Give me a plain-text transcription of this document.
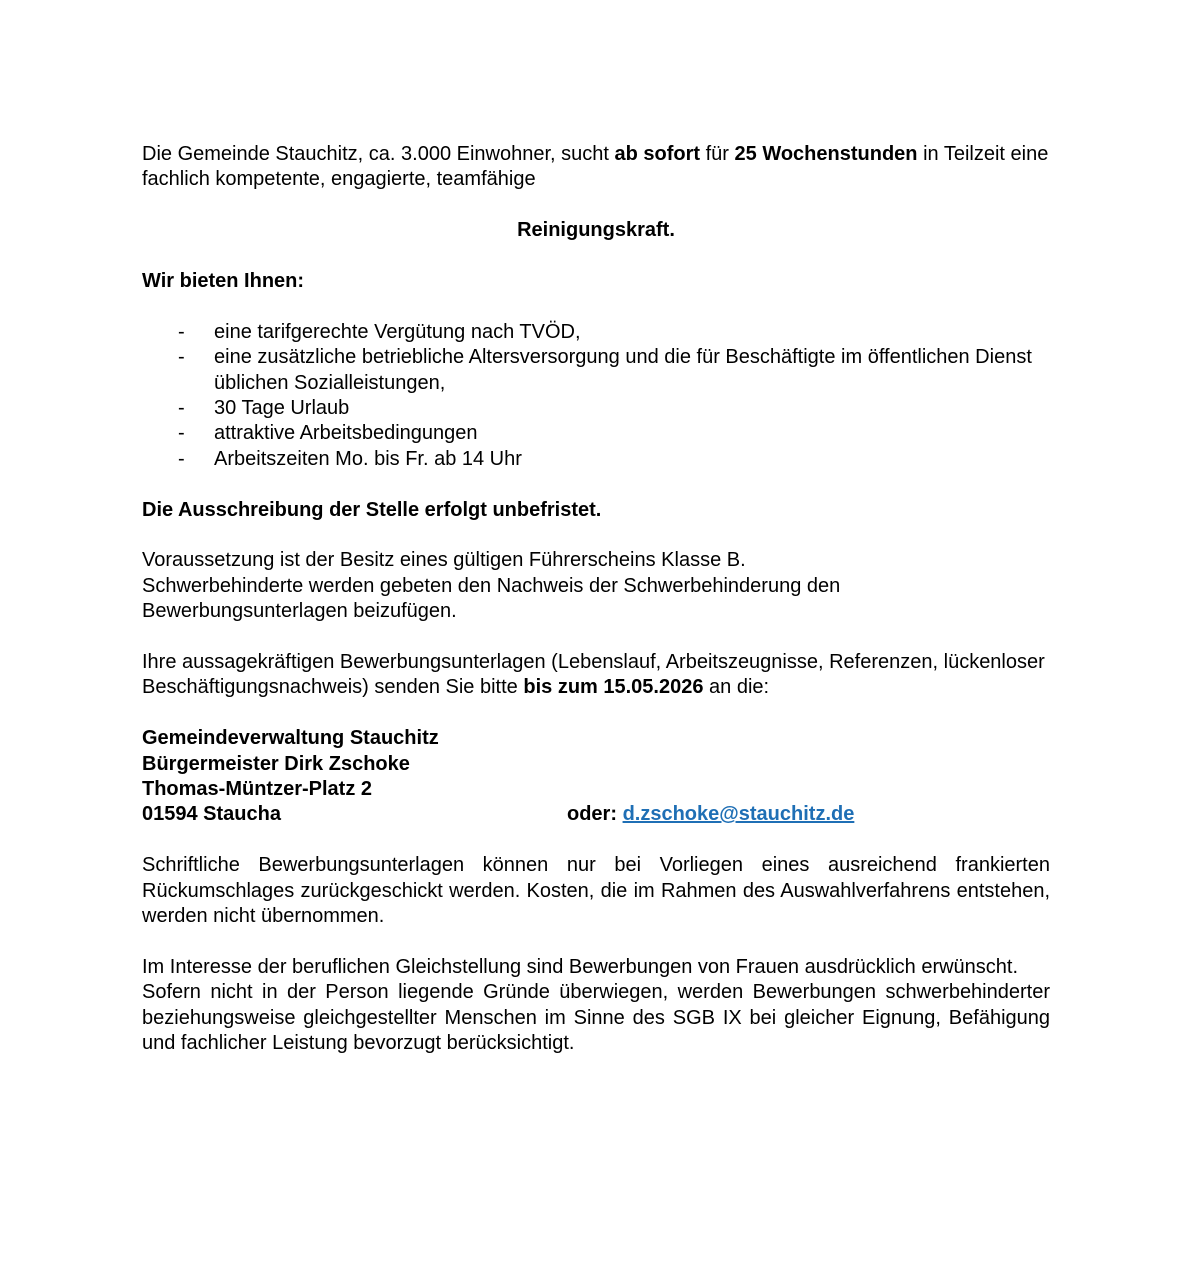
Die Gemeinde Stauchitz, ca. 3.000 Einwohner, sucht ab sofort für 25 Wochenstunden in Teilzeit eine fachlich kompetente, engagierte, teamfähige

Reinigungskraft.

Wir bieten Ihnen:

-	eine tarifgerechte Vergütung nach TVÖD,
-	eine zusätzliche betriebliche Altersversorgung und die für Beschäftigte im öffentlichen Dienst üblichen Sozialleistungen,
-	30 Tage Urlaub
-	attraktive Arbeitsbedingungen
-	Arbeitszeiten Mo. bis Fr. ab 14 Uhr

Die Ausschreibung der Stelle erfolgt unbefristet.

Voraussetzung ist der Besitz eines gültigen Führerscheins Klasse B.

Schwerbehinderte werden gebeten den Nachweis der Schwerbehinderung den Bewerbungsunterlagen beizufügen.

Ihre aussagekräftigen Bewerbungsunterlagen (Lebenslauf, Arbeitszeugnisse, Referenzen, lückenloser Beschäftigungsnachweis) senden Sie bitte bis zum 15.05.2026 an die:

Gemeindeverwaltung Stauchitz

Bürgermeister Dirk Zschoke

Thomas-Müntzer-Platz 2

01594 Staucha	oder: d.zschoke@stauchitz.de

Schriftliche Bewerbungsunterlagen können nur bei Vorliegen eines ausreichend frankierten Rückumschlages zurückgeschickt werden. Kosten, die im Rahmen des Auswahlverfahrens entstehen, werden nicht übernommen.

Im Interesse der beruflichen Gleichstellung sind Bewerbungen von Frauen ausdrücklich erwünscht.

Sofern nicht in der Person liegende Gründe überwiegen, werden Bewerbungen schwerbehinderter beziehungsweise gleichgestellter Menschen im Sinne des SGB IX bei gleicher Eignung, Befähigung und fachlicher Leistung bevorzugt berücksichtigt.
